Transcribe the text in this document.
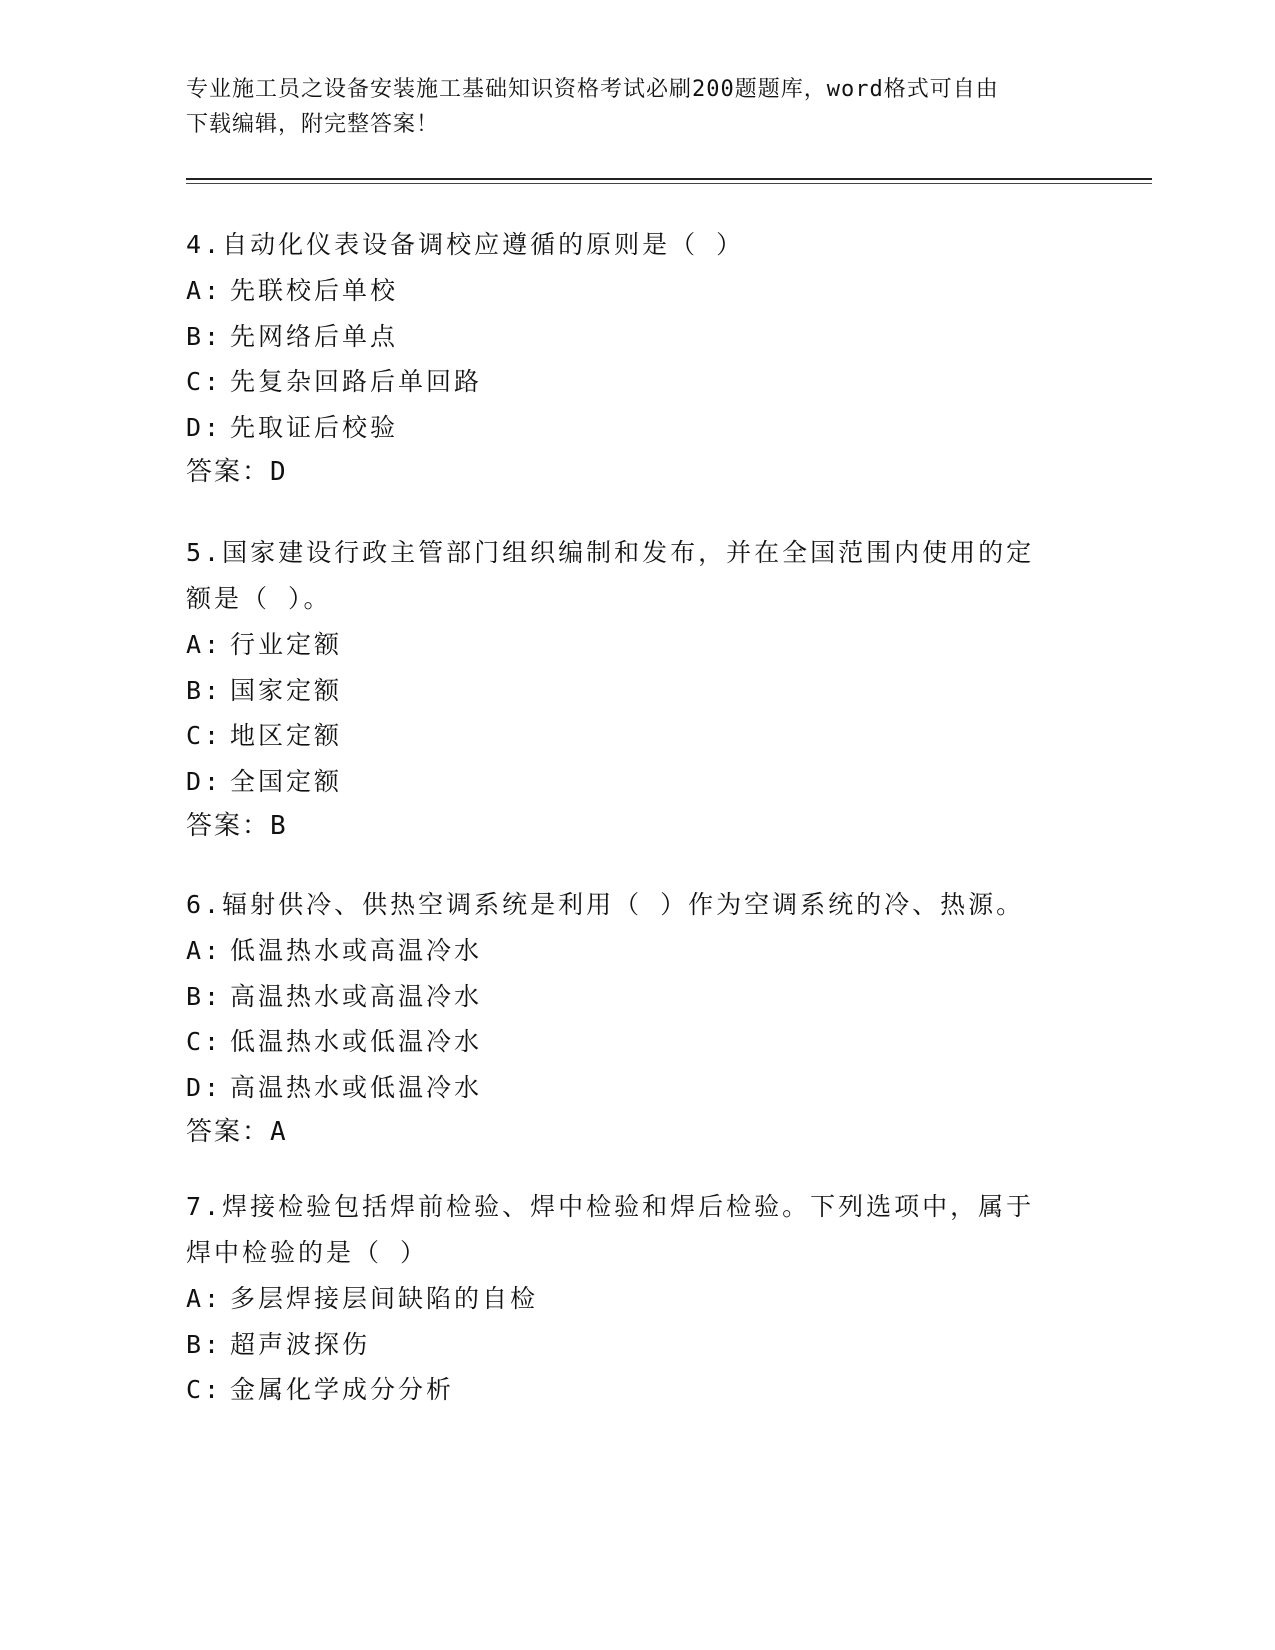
专业施工员之设备安装施工基础知识资格考试必刷200题题库，word格式可自由
下载编辑，附完整答案！

4.自动化仪表设备调校应遵循的原则是（ ）

A: 先联校后单校

B: 先网络后单点

C: 先复杂回路后单回路

D: 先取证后校验

答案：D

5.国家建设行政主管部门组织编制和发布，并在全国范围内使用的定

额是（ ）。

A: 行业定额

B: 国家定额

C: 地区定额

D: 全国定额

答案：B

6.辐射供冷、供热空调系统是利用（ ）作为空调系统的冷、热源。

A: 低温热水或高温冷水

B: 高温热水或高温冷水

C: 低温热水或低温冷水

D: 高温热水或低温冷水

答案：A

7.焊接检验包括焊前检验、焊中检验和焊后检验。下列选项中，属于

焊中检验的是（ ）

A: 多层焊接层间缺陷的自检

B: 超声波探伤

C: 金属化学成分分析
